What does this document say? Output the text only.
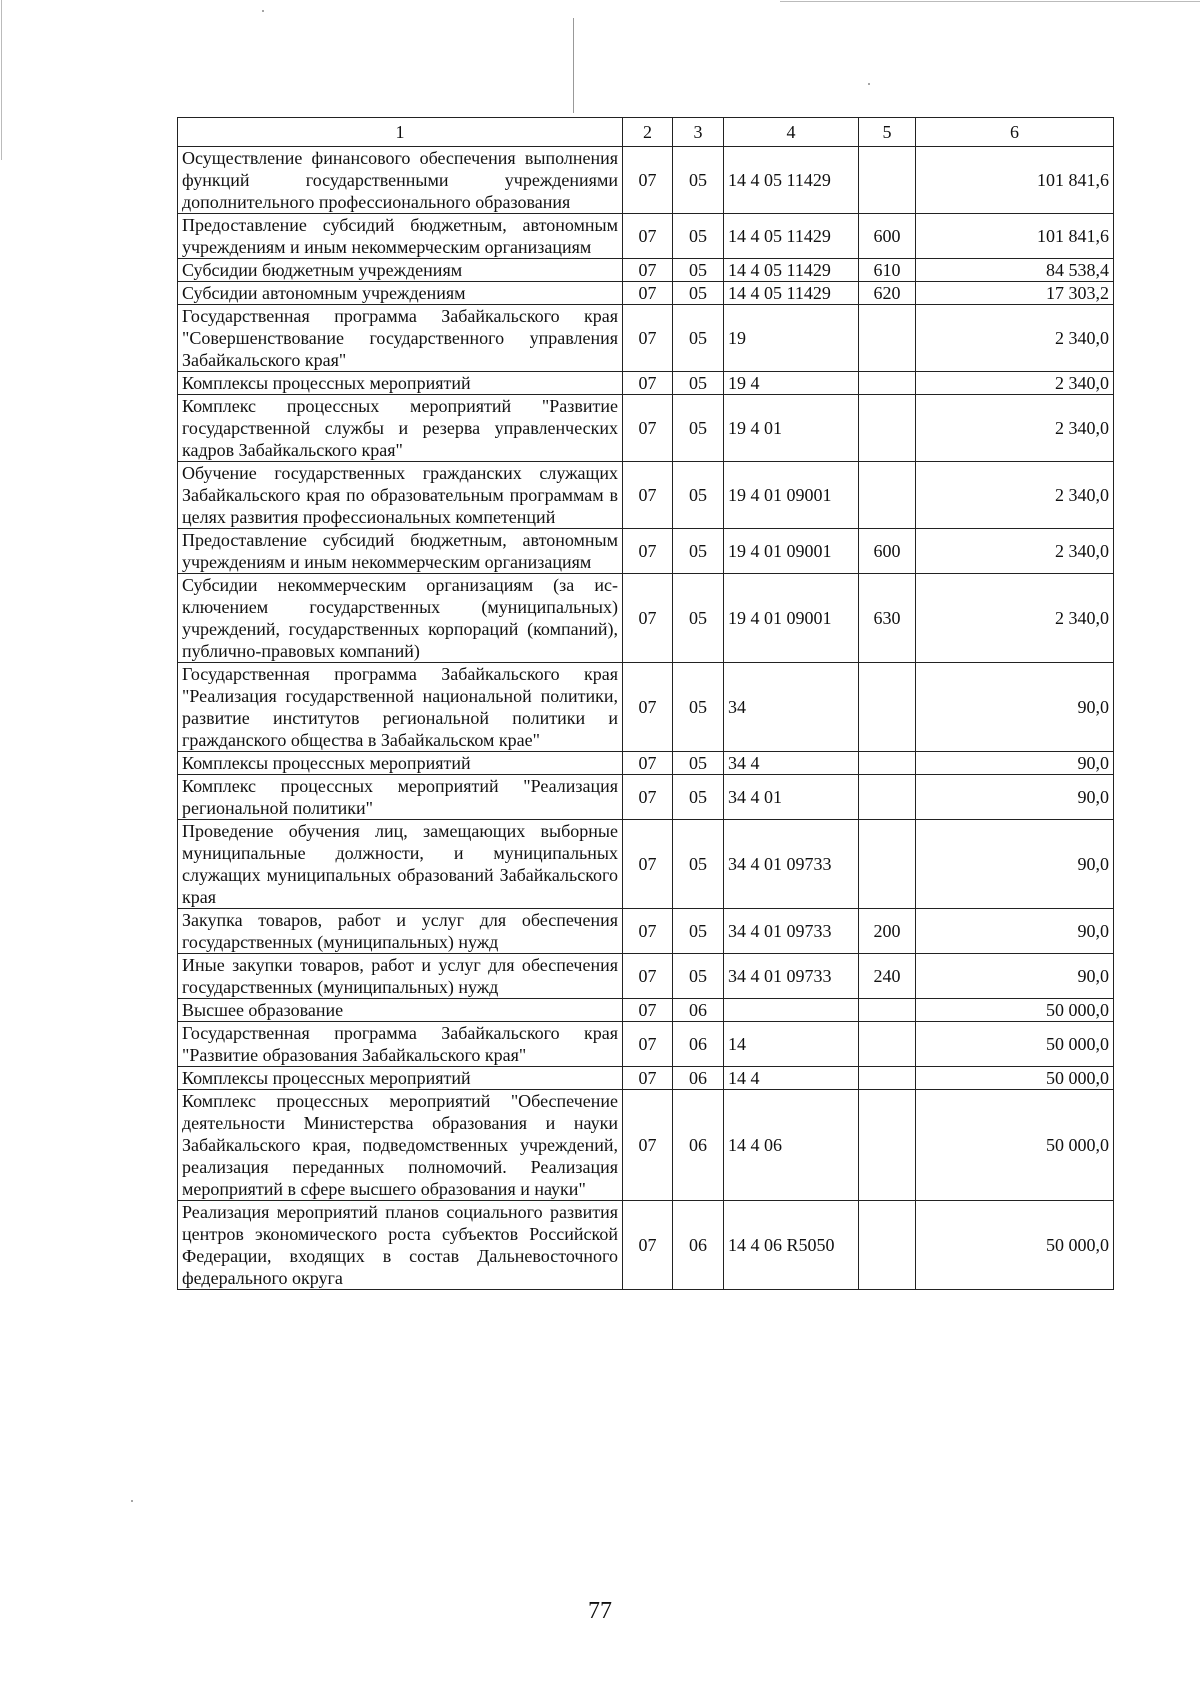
1	2	3	4	5	6
Осуществление финансового обеспечения выполнения функций государственными учреждениями дополнительного профессионального образования	07	05	14 4 05 11429		101 841,6
Предоставление субсидий бюджетным, автономным учреждениям и иным некоммерческим организациям	07	05	14 4 05 11429	600	101 841,6
Субсидии бюджетным учреждениям	07	05	14 4 05 11429	610	84 538,4
Субсидии автономным учреждениям	07	05	14 4 05 11429	620	17 303,2
Государственная программа Забайкальского края "Совершенствование государственного управления Забайкальского края"	07	05	19		2 340,0
Комплексы процессных мероприятий	07	05	19 4		2 340,0
Комплекс процессных мероприятий "Развитие государственной службы и резерва управленческих кадров Забайкальского края"	07	05	19 4 01		2 340,0
Обучение государственных гражданских служащих Забайкальского края по образовательным программам в целях развития профессиональных компетенций	07	05	19 4 01 09001		2 340,0
Предоставление субсидий бюджетным, автономным учреждениям и иным некоммерческим организациям	07	05	19 4 01 09001	600	2 340,0
Субсидии некоммерческим организациям (за исключением государственных (муниципальных) учреждений, государственных корпораций (компаний), публично-правовых компаний)	07	05	19 4 01 09001	630	2 340,0
Государственная программа Забайкальского края "Реализация государственной национальной политики, развитие институтов региональной политики и гражданского общества в Забайкальском крае"	07	05	34		90,0
Комплексы процессных мероприятий	07	05	34 4		90,0
Комплекс процессных мероприятий "Реализация региональной политики"	07	05	34 4 01		90,0
Проведение обучения лиц, замещающих выборные муниципальные должности, и муниципальных служащих муниципальных образований Забайкальского края	07	05	34 4 01 09733		90,0
Закупка товаров, работ и услуг для обеспечения государственных (муниципальных) нужд	07	05	34 4 01 09733	200	90,0
Иные закупки товаров, работ и услуг для обеспечения государственных (муниципальных) нужд	07	05	34 4 01 09733	240	90,0
Высшее образование	07	06			50 000,0
Государственная программа Забайкальского края "Развитие образования Забайкальского края"	07	06	14		50 000,0
Комплексы процессных мероприятий	07	06	14 4		50 000,0
Комплекс процессных мероприятий "Обеспечение деятельности Министерства образования и науки Забайкальского края, подведомственных учреждений, реализация переданных полномочий. Реализация мероприятий в сфере высшего образования и науки"	07	06	14 4 06		50 000,0
Реализация мероприятий планов социального развития центров экономического роста субъектов Российской Федерации, входящих в состав Дальневосточного федерального округа	07	06	14 4 06 R5050		50 000,0
77
